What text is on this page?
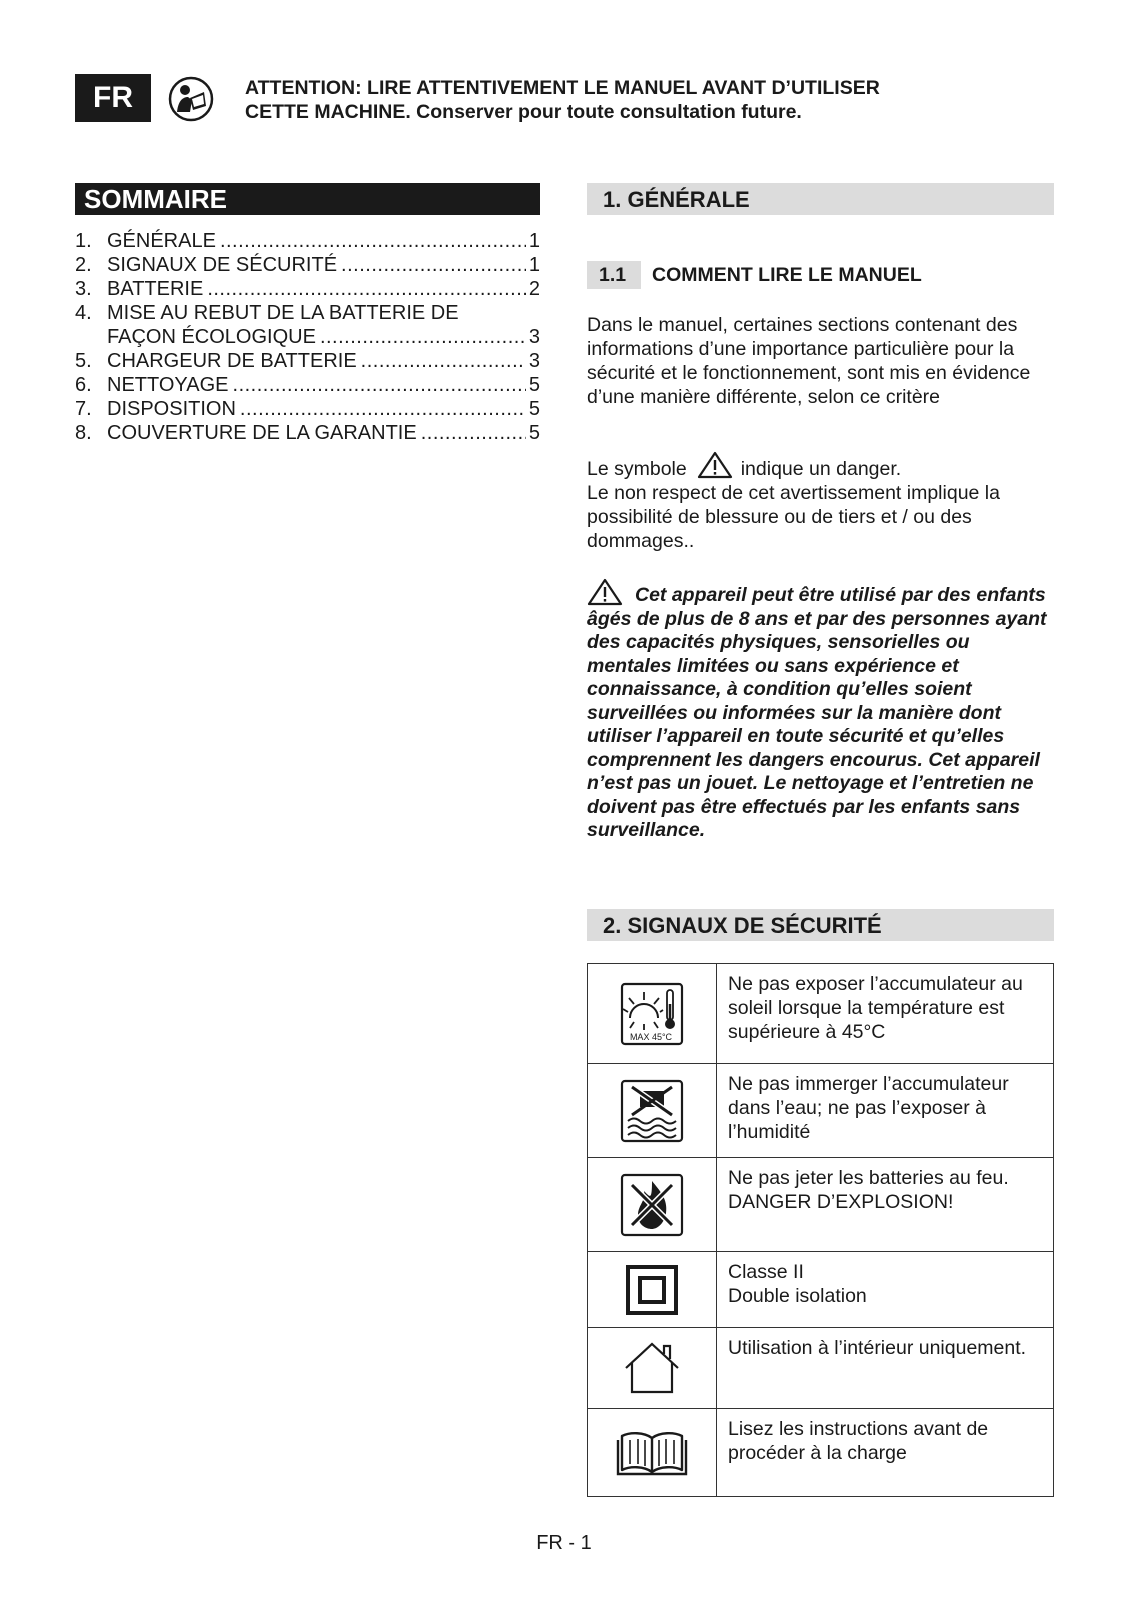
FR	ATTENTION: LIRE ATTENTIVEMENT LE MANUEL AVANT D’UTILISER
CETTE MACHINE. Conserver pour toute consultation future.
SOMMAIRE
1. GÉNÉRALE .....	1
2. SIGNAUX DE SÉCURITÉ .....	1
3. BATTERIE .....	2
4. MISE AU REBUT DE LA BATTERIE DE
FAÇON ÉCOLOGIQUE .....	3
5. CHARGEUR DE BATTERIE .....	3
6. NETTOYAGE .....	5
7. DISPOSITION .....	5
8. COUVERTURE DE LA GARANTIE .....	5
1. GÉNÉRALE
1.1	COMMENT LIRE LE MANUEL
Dans le manuel, certaines sections contenant des informations d’une importance particulière pour la sécurité et le fonctionnement, sont mis en évidence d’une manière différente, selon ce critère
Le symbole	indique un danger.
Le non respect de cet avertissement implique la possibilité de blessure ou de tiers et / ou des dommages..
Cet appareil peut être utilisé par des enfants âgés de plus de 8 ans et par des personnes ayant des capacités physiques, sensorielles ou mentales limitées ou sans expérience et connaissance, à condition qu’elles soient surveillées ou informées sur la manière dont utiliser l’appareil en toute sécurité et qu’elles comprennent les dangers encourus. Cet appareil n’est pas un jouet. Le nettoyage et l’entretien ne doivent pas être effectués par les enfants sans surveillance.
2. SIGNAUX DE SÉCURITÉ
MAX 45°C	Ne pas exposer l’accumulateur au soleil lorsque la température est supérieure à 45°C

	Ne pas immerger l’accumulateur dans l’eau; ne pas l’exposer à l’humidité

Ne pas jeter les batteries au feu.
DANGER D’EXPLOSION!

Classe II
Double isolation

	Utilisation à l’intérieur uniquement.

	Lisez les instructions avant de procéder à la charge
FR - 1
